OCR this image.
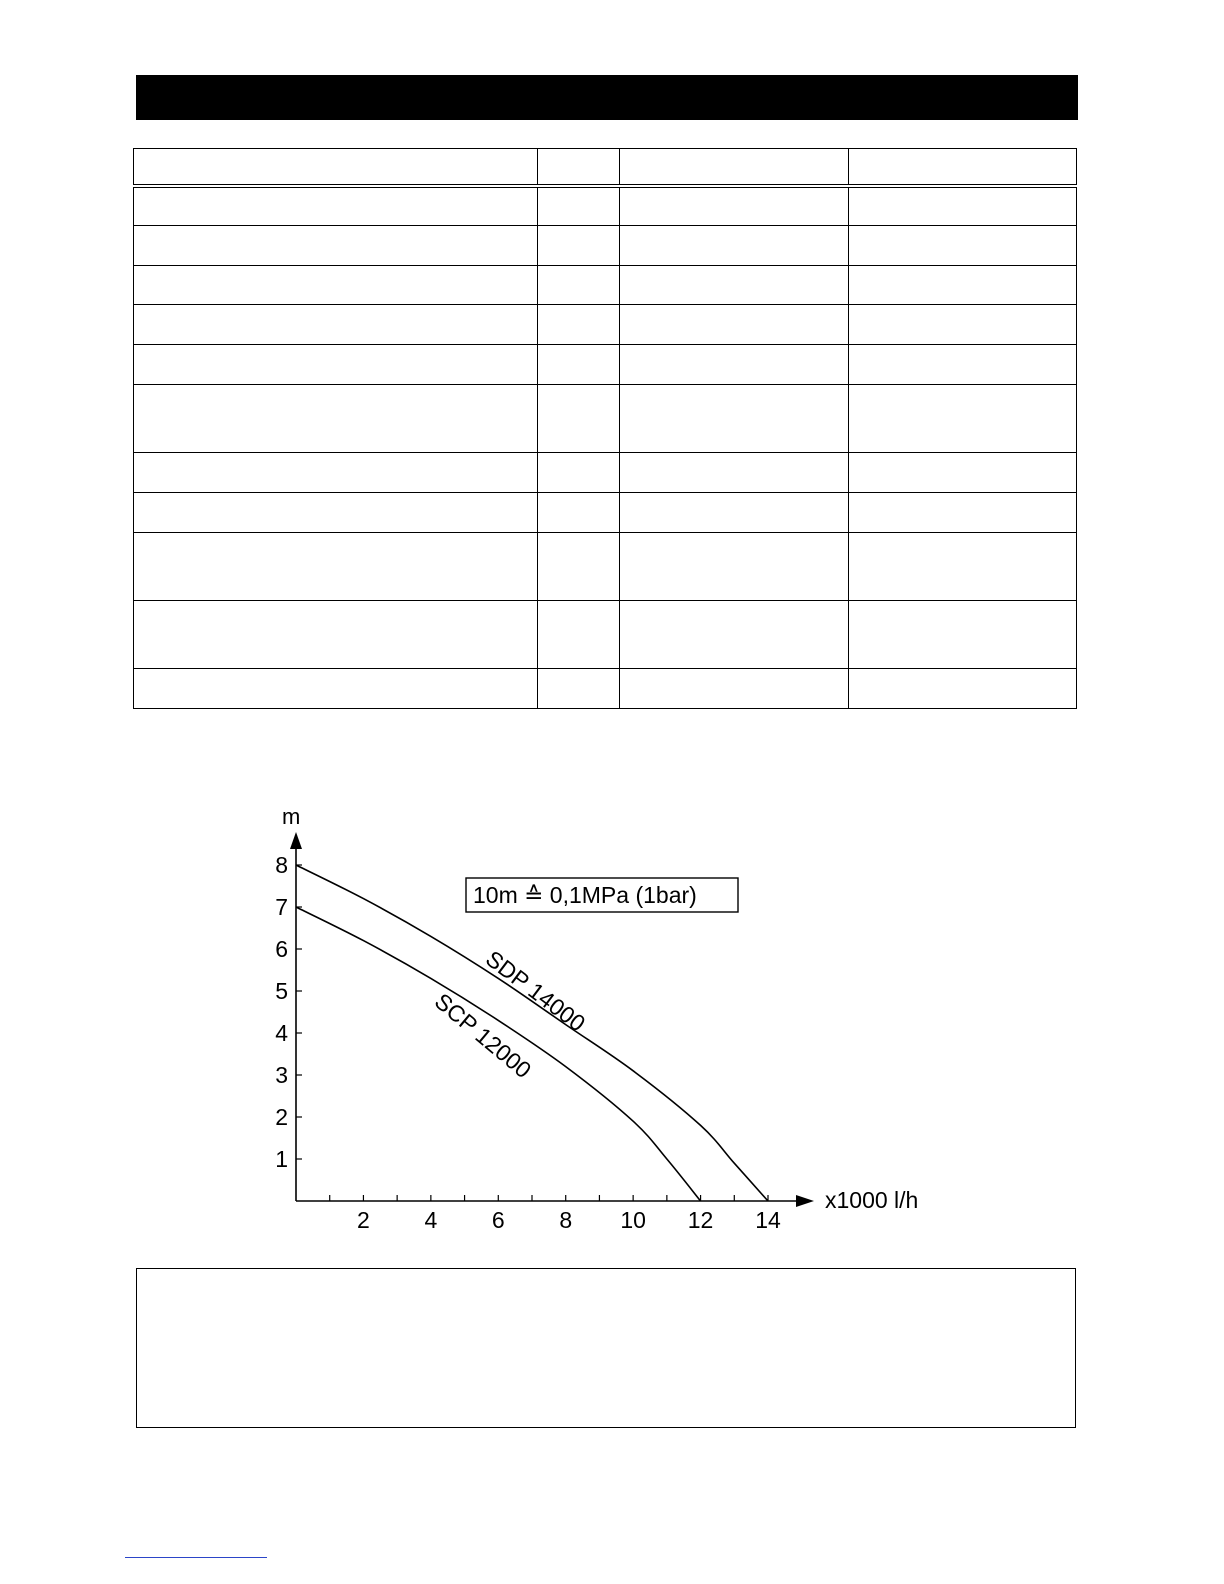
2 4 6 8 10 12 14
1
2
3
4
5
6
7
8
m
x1000 l/h
10m ≙ 0,1MPa (1bar)
SDP 14000
SCP 12000
